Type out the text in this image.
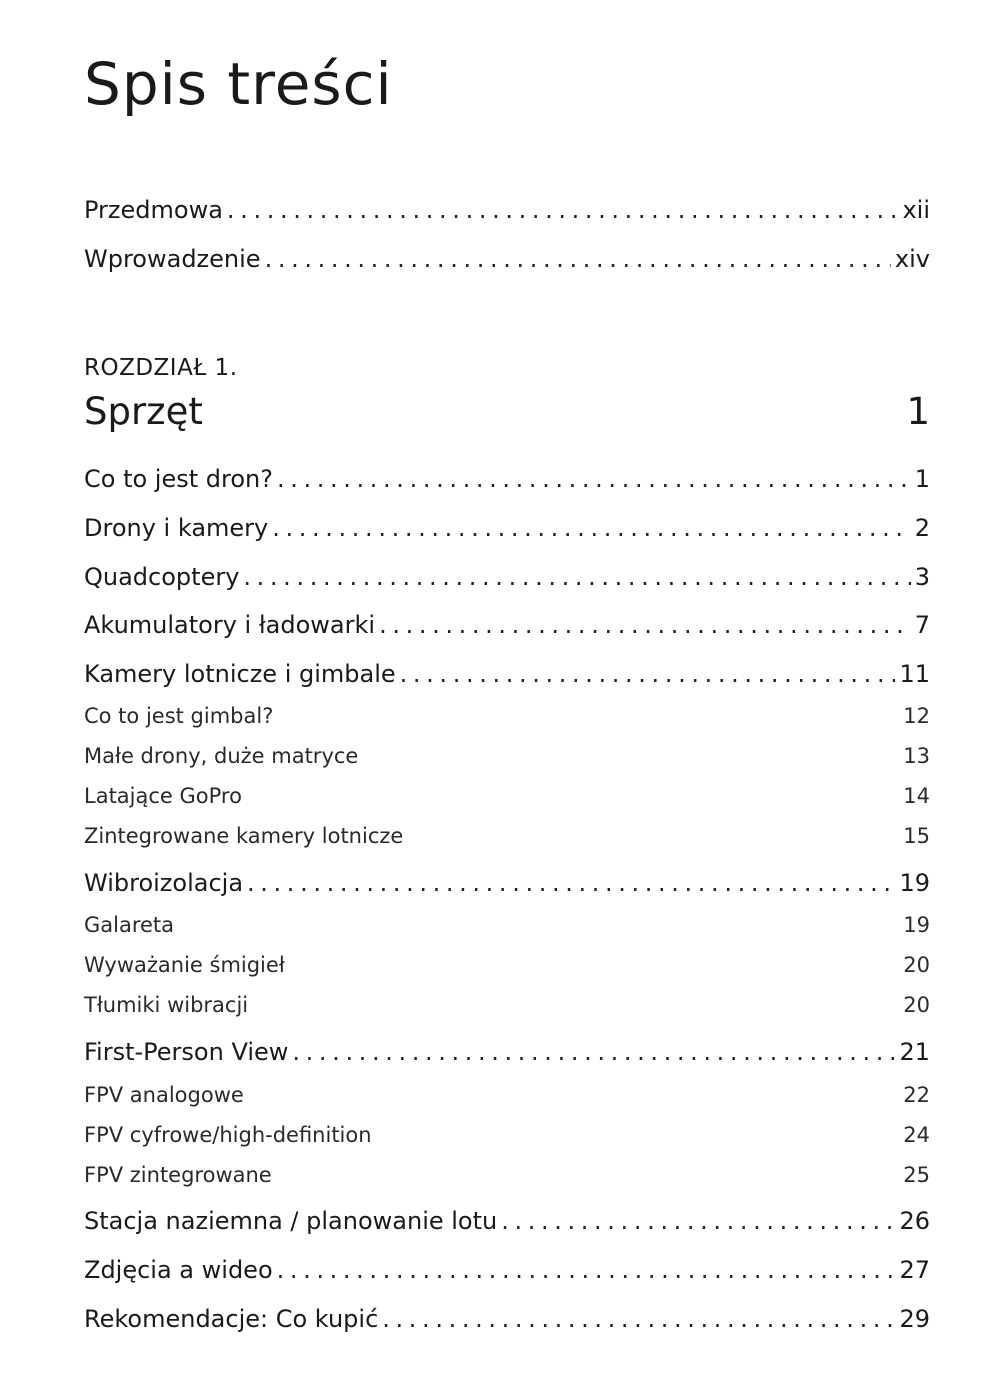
Spis treści
Przedmowa . . .	xii
Wprowadzenie . . .	xiv
ROZDZIAŁ 1.
Sprzęt	1
Co to jest dron? . . .	1
Drony i kamery . . .	2
Quadcoptery . . .	3
Akumulatory i ładowarki . . .	7
Kamery lotnicze i gimbale . . .	11
Co to jest gimbal?	12
Małe drony, duże matryce	13
Latające GoPro	14
Zintegrowane kamery lotnicze	15
Wibroizolacja . . .	19
Galareta	19
Wyważanie śmigieł	20
Tłumiki wibracji	20
First-Person View . . .	21
FPV analogowe	22
FPV cyfrowe/high-definition	24
FPV zintegrowane	25
Stacja naziemna / planowanie lotu . . .	26
Zdjęcia a wideo . . .	27
Rekomendacje: Co kupić . . .	29
